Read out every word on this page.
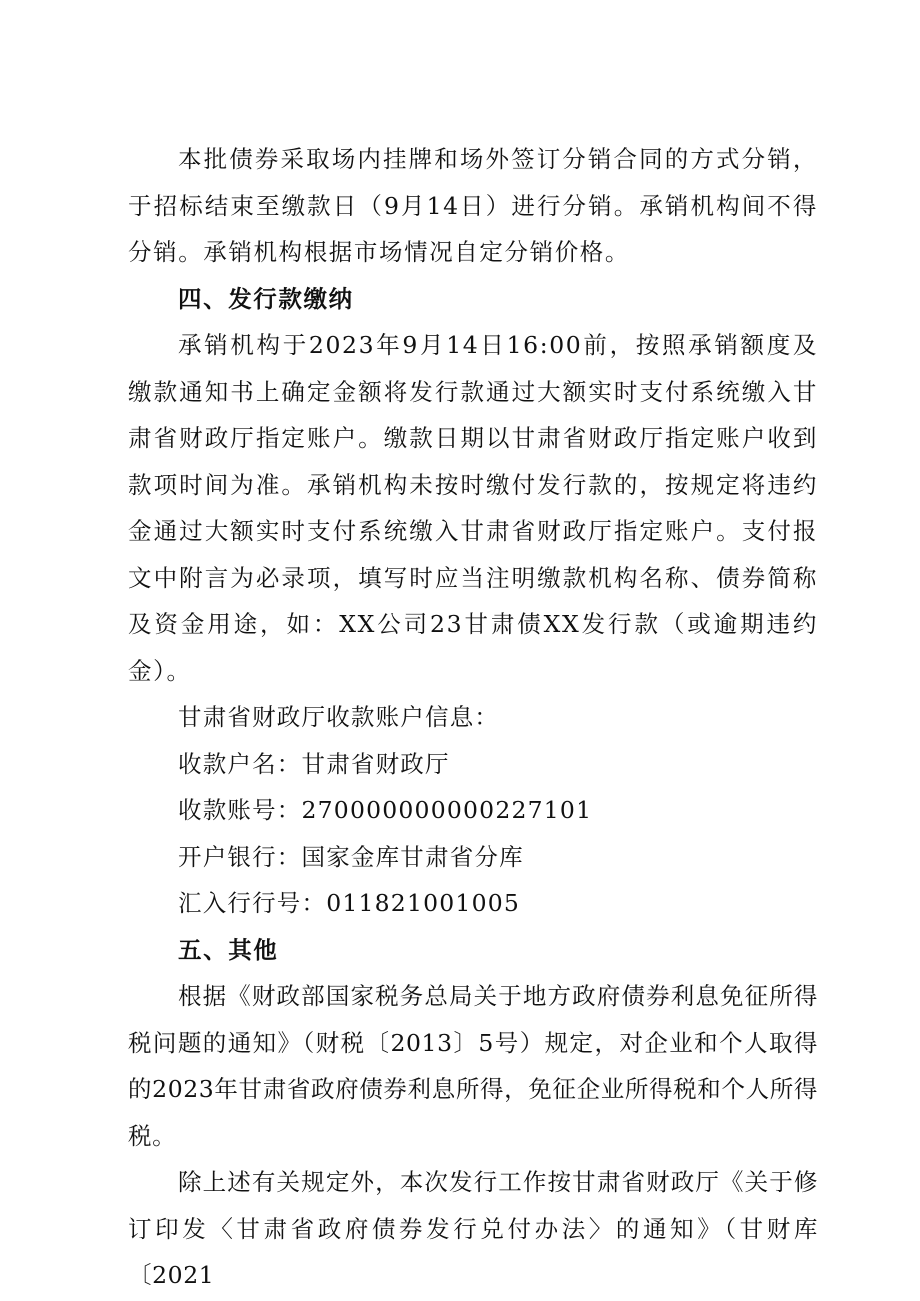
本批债券采取场内挂牌和场外签订分销合同的方式分销，于招标结束至缴款日（9月14日）进行分销。承销机构间不得分销。承销机构根据市场情况自定分销价格。

四、发行款缴纳

承销机构于2023年9月14日16:00前，按照承销额度及缴款通知书上确定金额将发行款通过大额实时支付系统缴入甘肃省财政厅指定账户。缴款日期以甘肃省财政厅指定账户收到款项时间为准。承销机构未按时缴付发行款的，按规定将违约金通过大额实时支付系统缴入甘肃省财政厅指定账户。支付报文中附言为必录项，填写时应当注明缴款机构名称、债券简称及资金用途，如：XX公司23甘肃债XX发行款（或逾期违约金）。

甘肃省财政厅收款账户信息：

收款户名：甘肃省财政厅

收款账号：270000000000227101

开户银行：国家金库甘肃省分库

汇入行行号：011821001005

五、其他

根据《财政部国家税务总局关于地方政府债券利息免征所得税问题的通知》（财税〔2013〕5号）规定，对企业和个人取得的2023年甘肃省政府债券利息所得，免征企业所得税和个人所得税。

除上述有关规定外，本次发行工作按甘肃省财政厅《关于修订印发〈甘肃省政府债券发行兑付办法〉的通知》（甘财库〔2021
